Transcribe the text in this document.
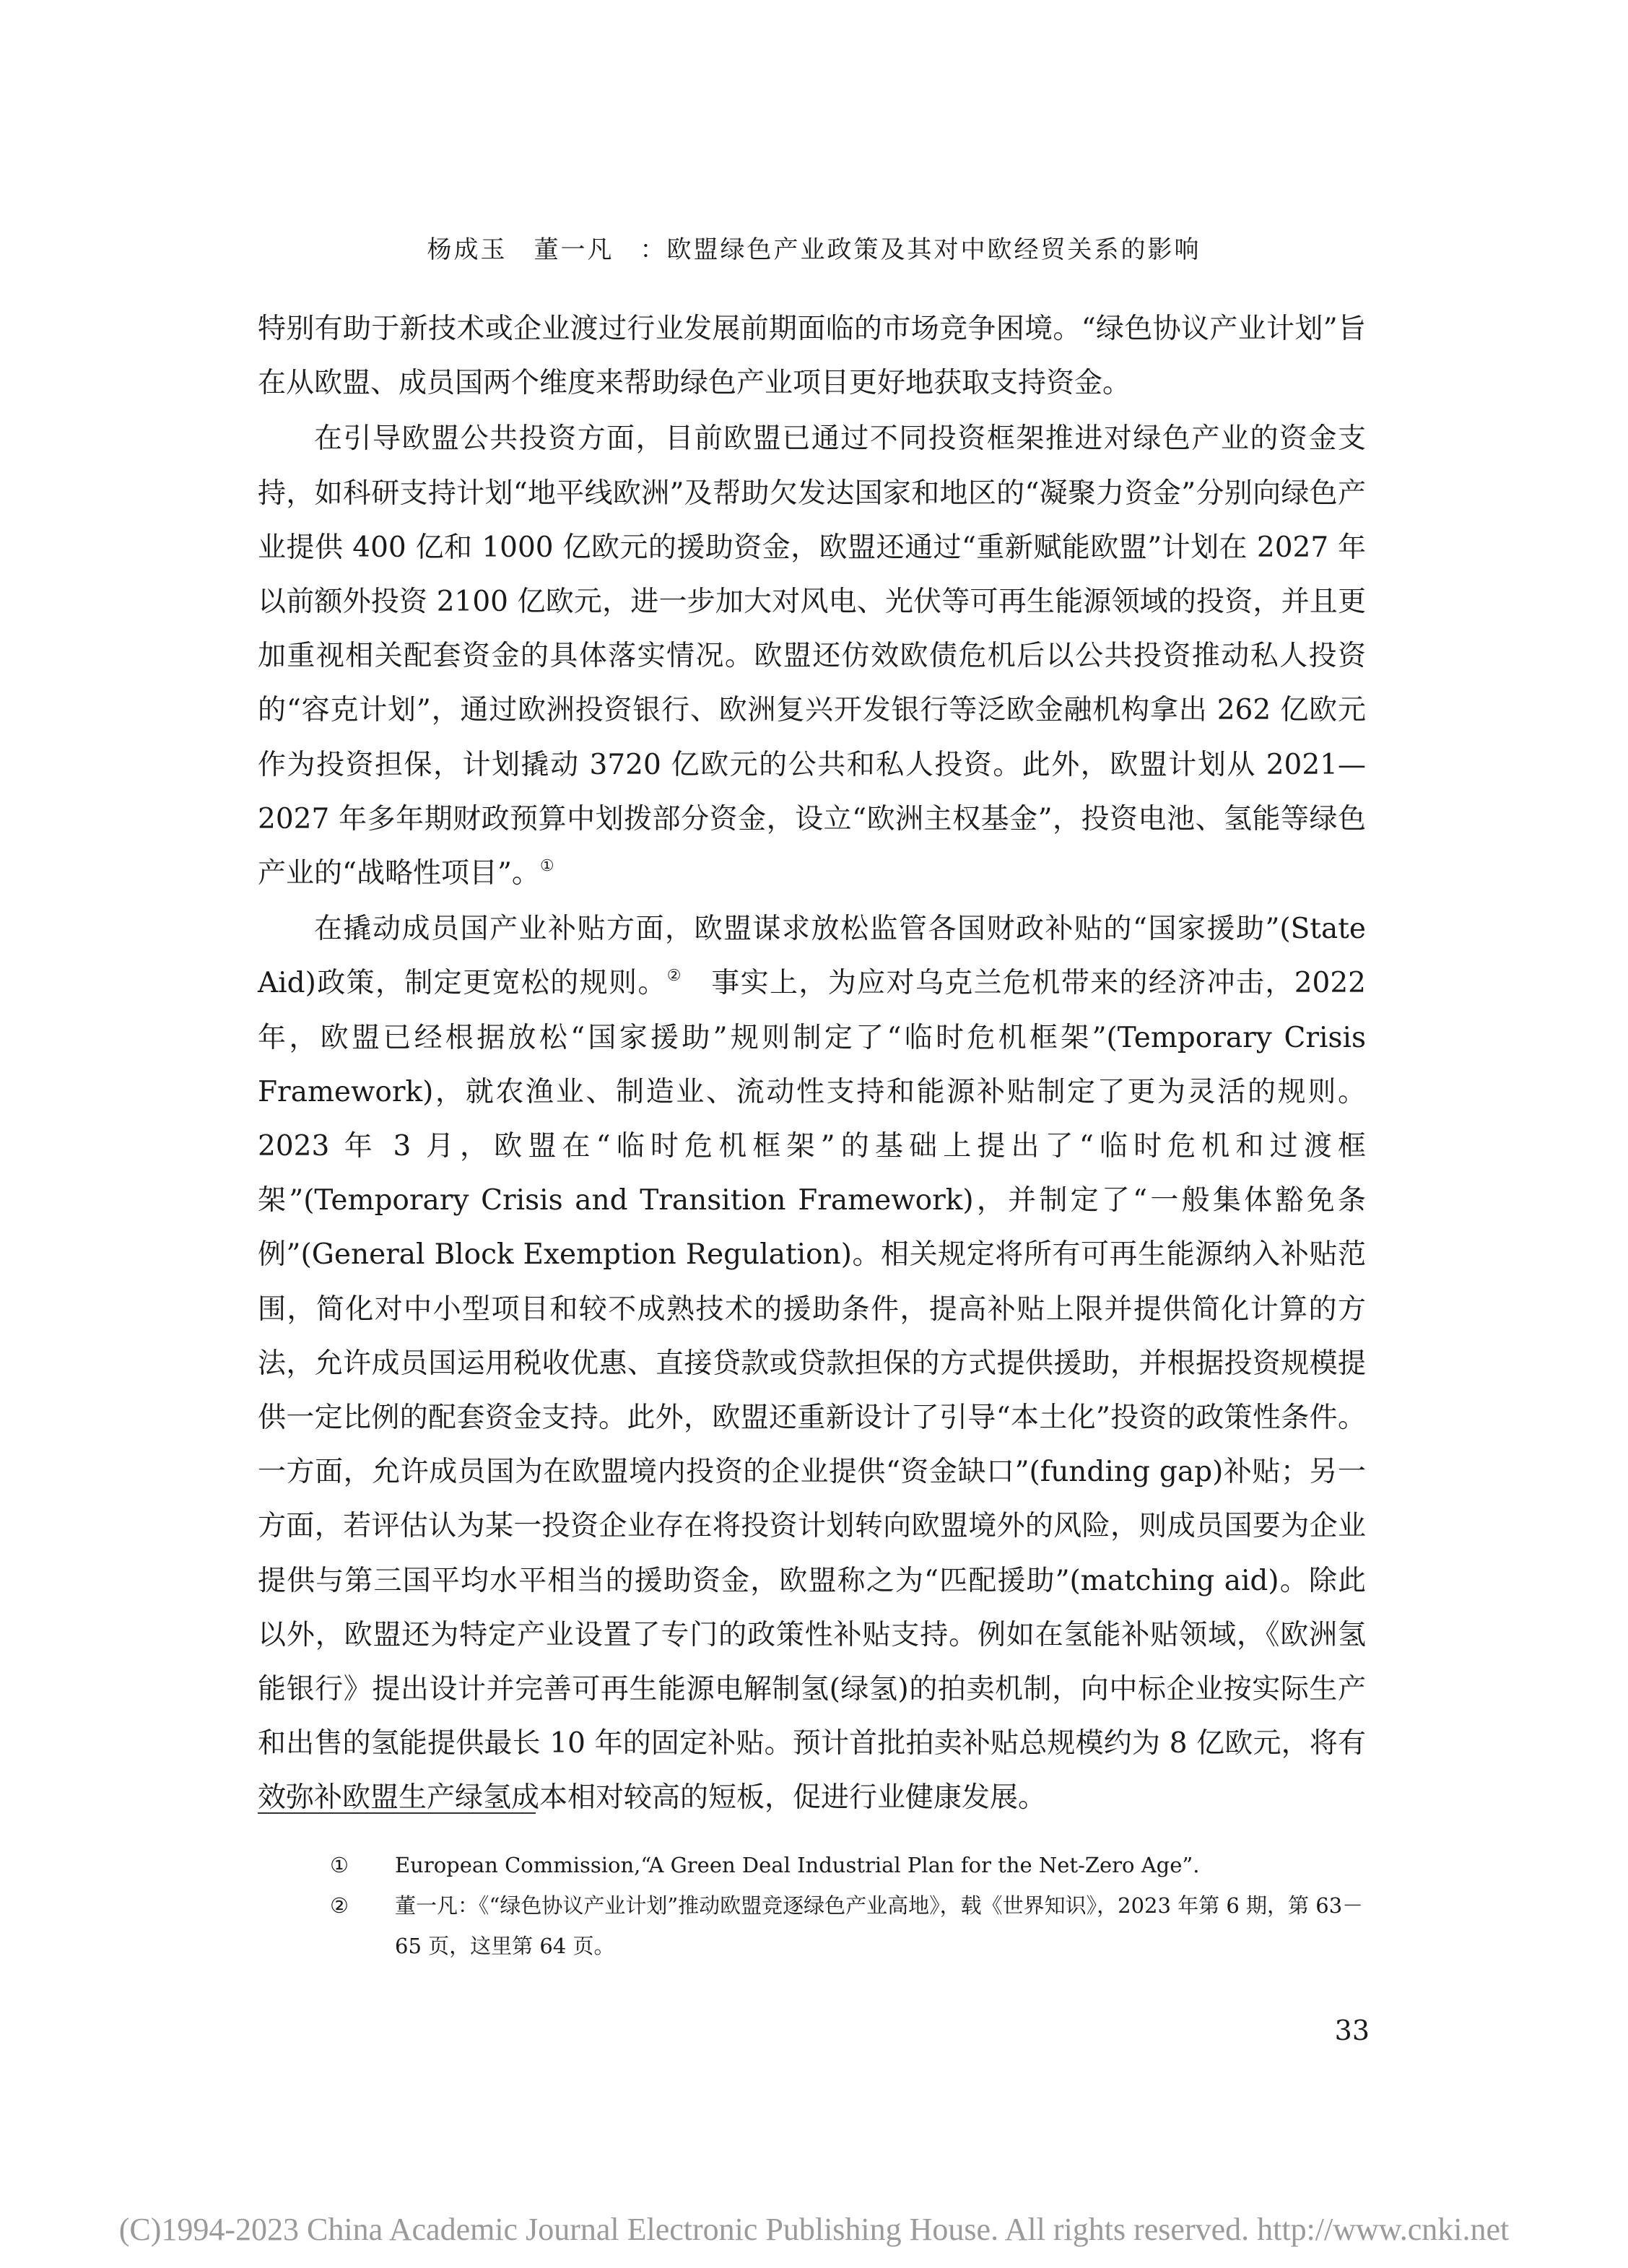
杨成玉　董一凡 ：欧盟绿色产业政策及其对中欧经贸关系的影响

特别有助于新技术或企业渡过行业发展前期面临的市场竞争困境。“绿色协议产业计划”旨在从欧盟、成员国两个维度来帮助绿色产业项目更好地获取支持资金。

在引导欧盟公共投资方面，目前欧盟已通过不同投资框架推进对绿色产业的资金支持，如科研支持计划“地平线欧洲”及帮助欠发达国家和地区的“凝聚力资金”分别向绿色产业提供 400 亿和 1000 亿欧元的援助资金，欧盟还通过“重新赋能欧盟”计划在 2027 年以前额外投资 2100 亿欧元，进一步加大对风电、光伏等可再生能源领域的投资，并且更加重视相关配套资金的具体落实情况。欧盟还仿效欧债危机后以公共投资推动私人投资的“容克计划”，通过欧洲投资银行、欧洲复兴开发银行等泛欧金融机构拿出 262 亿欧元作为投资担保，计划撬动 3720 亿欧元的公共和私人投资。此外，欧盟计划从 2021—2027 年多年期财政预算中划拨部分资金，设立“欧洲主权基金”，投资电池、氢能等绿色产业的“战略性项目”。①

在撬动成员国产业补贴方面，欧盟谋求放松监管各国财政补贴的“国家援助”(State Aid)政策，制定更宽松的规则。②  事实上，为应对乌克兰危机带来的经济冲击，2022 年，欧盟已经根据放松“国家援助”规则制定了“临时危机框架”(Temporary Crisis Framework)，就农渔业、制造业、流动性支持和能源补贴制定了更为灵活的规则。2023 年 3 月，欧盟在“临时危机框架”的基础上提出了“临时危机和过渡框架”(Temporary Crisis and Transition Framework)，并制定了“一般集体豁免条例”(General Block Exemption Regulation)。相关规定将所有可再生能源纳入补贴范围，简化对中小型项目和较不成熟技术的援助条件，提高补贴上限并提供简化计算的方法，允许成员国运用税收优惠、直接贷款或贷款担保的方式提供援助，并根据投资规模提供一定比例的配套资金支持。此外，欧盟还重新设计了引导“本土化”投资的政策性条件。一方面，允许成员国为在欧盟境内投资的企业提供“资金缺口”(funding gap)补贴；另一方面，若评估认为某一投资企业存在将投资计划转向欧盟境外的风险，则成员国要为企业提供与第三国平均水平相当的援助资金，欧盟称之为“匹配援助”(matching aid)。除此以外，欧盟还为特定产业设置了专门的政策性补贴支持。例如在氢能补贴领域，《欧洲氢能银行》提出设计并完善可再生能源电解制氢(绿氢)的拍卖机制，向中标企业按实际生产和出售的氢能提供最长 10 年的固定补贴。预计首批拍卖补贴总规模约为 8 亿欧元，将有效弥补欧盟生产绿氢成本相对较高的短板，促进行业健康发展。

①	European Commission,“A Green Deal Industrial Plan for the Net-Zero Age”.
②	董一凡：《“绿色协议产业计划”推动欧盟竞逐绿色产业高地》，载《世界知识》，2023 年第 6 期，第 63－65 页，这里第 64 页。
33
(C)1994-2023 China Academic Journal Electronic Publishing House. All rights reserved. http://www.cnki.net
